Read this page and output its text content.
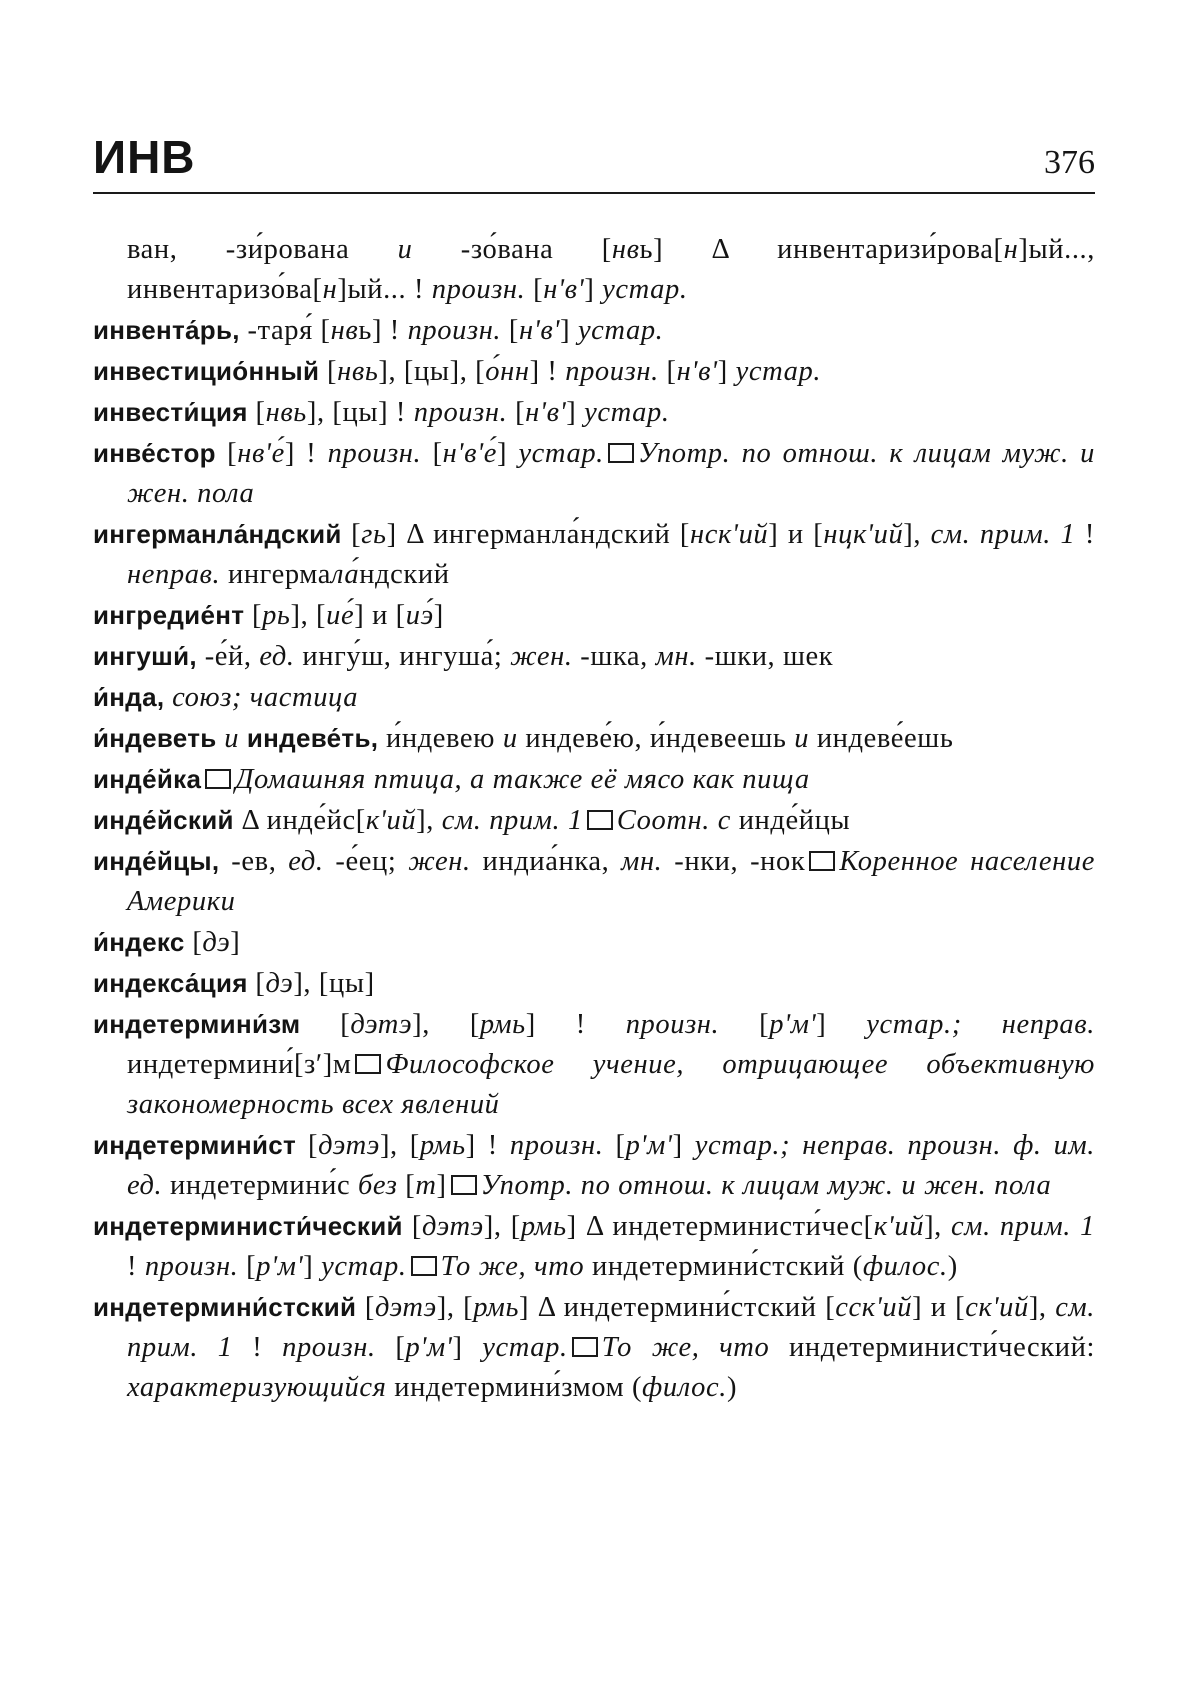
ИНВ	376

ван, -зи́рована и -зо́вана [нвь] Δ инвентаризи́рова[н]ый..., инвентаризо́ва[н]ый... ! произн. [нʹвʹ] устар.

инвента́рь, -таря́ [нвь] ! произн. [нʹвʹ] устар.

инвестицио́нный [нвь], [цы], [о́нн] ! произн. [нʹвʹ] устар.

инвести́ция [нвь], [цы] ! произн. [нʹвʹ] устар.

инве́стор [нвʹе́] ! произн. [нʹвʹе́] устар. Употр. по отнош. к лицам муж. и жен. пола

ингерманла́ндский [гь] Δ ингерманла́ндский [нскʹий] и [нцкʹий], см. прим. 1 ! неправ. ингермала́ндский

ингредие́нт [рь], [ие́] и [иэ́]

ингуши́, -е́й, ед. ингу́ш, ингуша́; жен. -шка, мн. -шки, шек

и́нда, союз; частица

и́ндеветь и индеве́ть, и́ндевею и индеве́ю, и́ндевеешь и индеве́ешь

инде́йка Домашняя птица, а также её мясо как пища

инде́йский Δ инде́йс[кʹий], см. прим. 1 Соотн. с инде́йцы

инде́йцы, -ев, ед. -е́ец; жен. индиа́нка, мн. -нки, -нок Коренное население Америки

и́ндекс [дэ]

индекса́ция [дэ], [цы]

индетермини́зм [дэтэ], [рмь] ! произн. [рʹмʹ] устар.; неправ. индетермини́[зʹ]м Философское учение, отрицающее объективную закономерность всех явлений

индетермини́ст [дэтэ], [рмь] ! произн. [рʹмʹ] устар.; неправ. произн. ф. им. ед. индетермини́с без [т] Употр. по отнош. к лицам муж. и жен. пола

индетерминисти́ческий [дэтэ], [рмь] Δ индетерминисти́чес[кʹий], см. прим. 1 ! произн. [рʹмʹ] устар. То же, что индетермини́стский (филос.)

индетермини́стский [дэтэ], [рмь] Δ индетермини́стский [сскʹий] и [скʹий], см. прим. 1 ! произн. [рʹмʹ] устар. То же, что индетерминисти́ческий: характеризующийся индетермини́змом (филос.)
